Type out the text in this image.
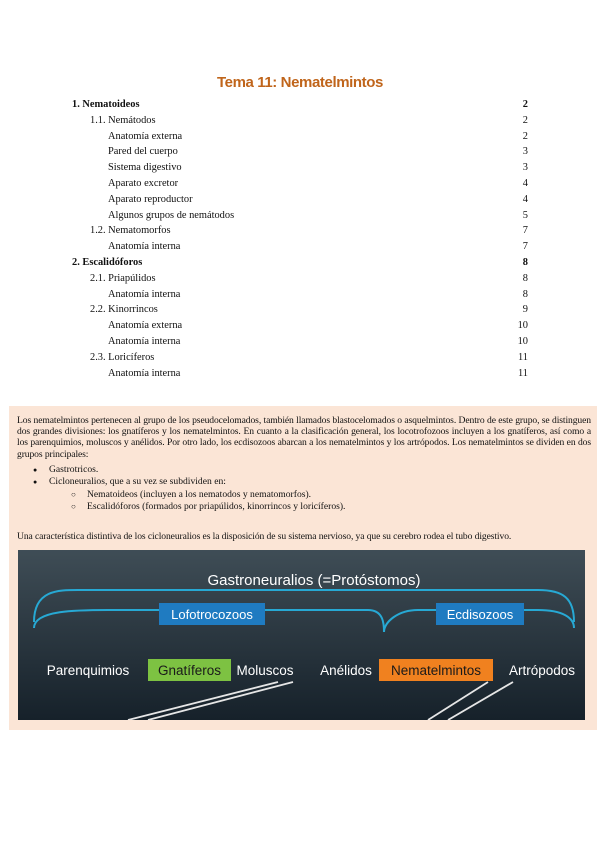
Tema 11: Nematelmintos
1. Nematoideos	2
1.1. Nemátodos	2
Anatomía externa	2
Pared del cuerpo	3
Sistema digestivo	3
Aparato excretor	4
Aparato reproductor	4
Algunos grupos de nemátodos	5
1.2. Nematomorfos	7
Anatomía interna	7
2. Escalidóforos	8
2.1. Priapúlidos	8
Anatomía interna	8
2.2. Kinorrincos	9
Anatomía externa	10
Anatomía interna	10
2.3. Loricíferos	11
Anatomía interna	11

Los nematelmintos pertenecen al grupo de los pseudocelomados, también llamados blastocelomados o asquelmintos. Dentro de este grupo, se distinguen dos grandes divisiones: los gnatíferos y los nematelmintos. En cuanto a la clasificación general, los locotrofozoos incluyen a los gnatíferos, así como a los parenquimios, moluscos y anélidos. Por otro lado, los ecdisozoos abarcan a los nematelmintos y los artrópodos. Los nematelmintos se dividen en dos grupos principales:

● Gastrotricos.
● Cicloneuralios, que a su vez se subdividen en:
○ Nematoideos (incluyen a los nematodos y nematomorfos).
○ Escalidóforos (formados por priapúlidos, kinorrincos y loricíferos).

Una característica distintiva de los cicloneuralios es la disposición de su sistema nervioso, ya que su cerebro rodea el tubo digestivo.

Gastroneuralios (=Protóstomos)
Lofotrocozoos	Ecdisozoos
Parenquimios Gnatíferos Moluscos Anélidos Nematelmintos Artrópodos
